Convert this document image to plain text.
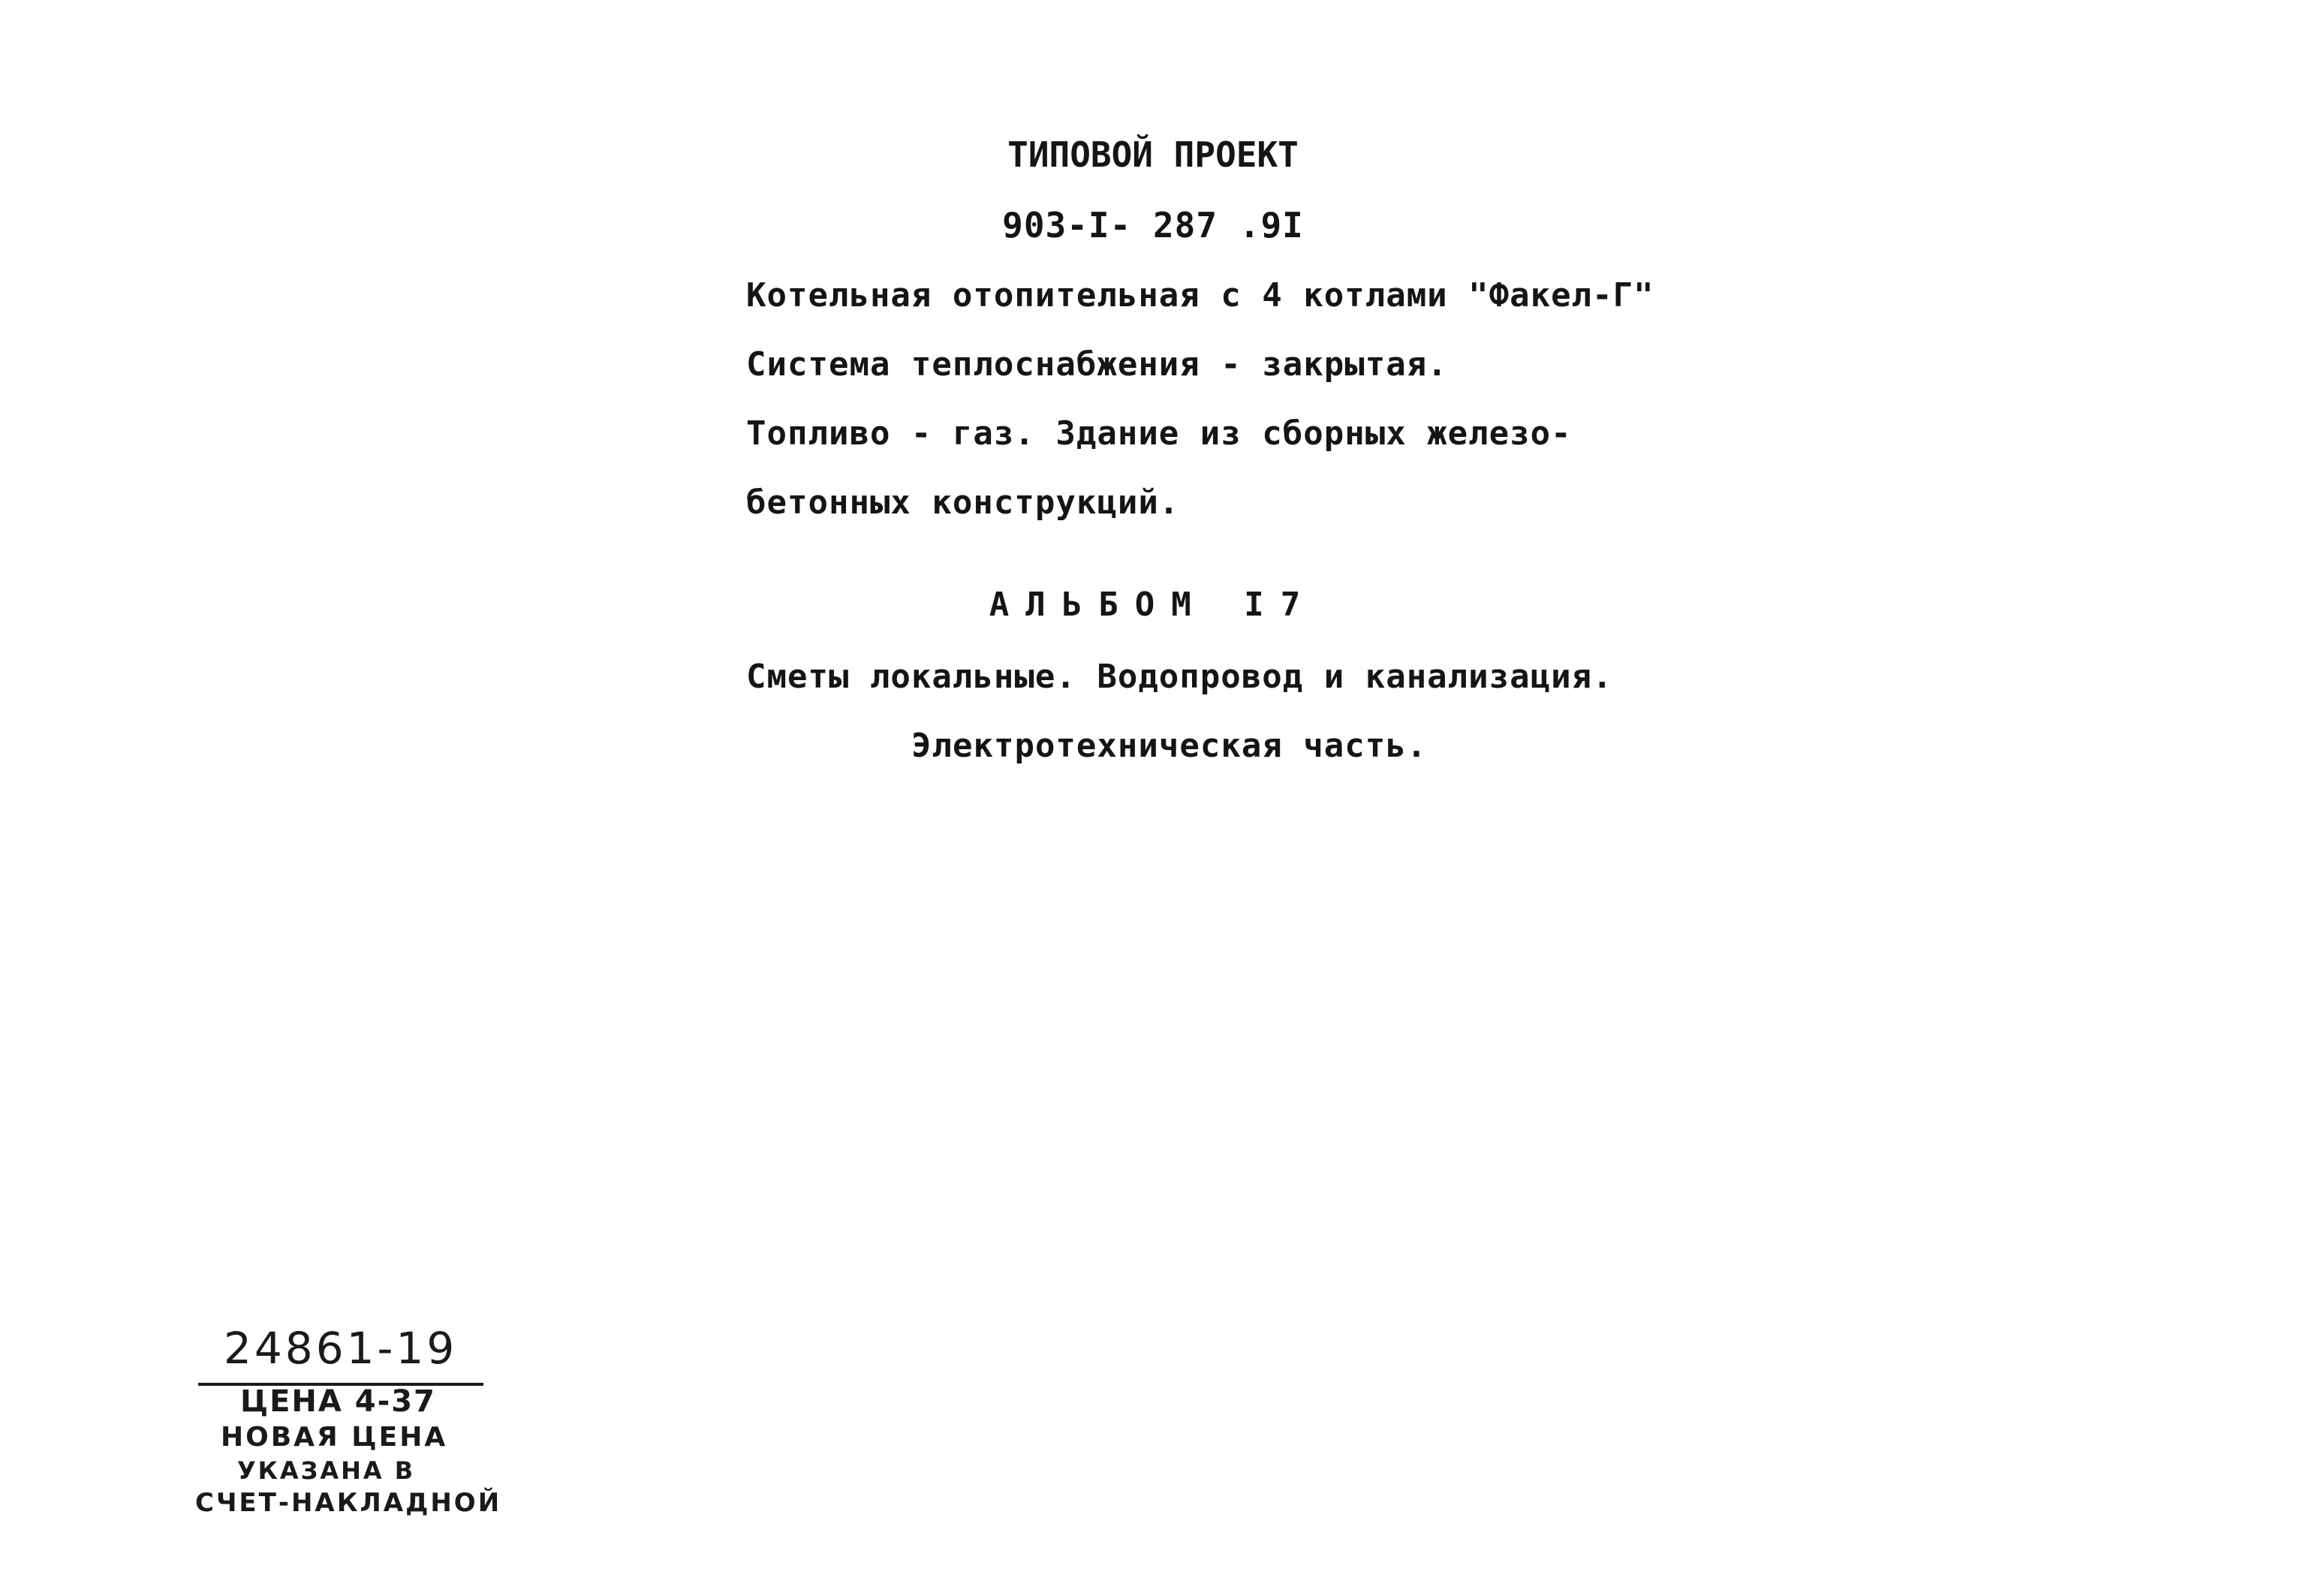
ТИПОВОЙ ПРОЕКТ
903-I- 287 .9I
Котельная отопительная с 4 котлами "Факел-Г"
Система теплоснабжения - закрытая.
Топливо - газ. Здание из сборных железо-
бетонных конструкций.
АЛЬБОМ I7
Сметы локальные. Водопровод и канализация.
Электротехническая часть.
24861-19
ЦЕНА 4-37
НОВАЯ ЦЕНА
УКАЗАНА В
СЧЕТ-НАКЛАДНОЙ
